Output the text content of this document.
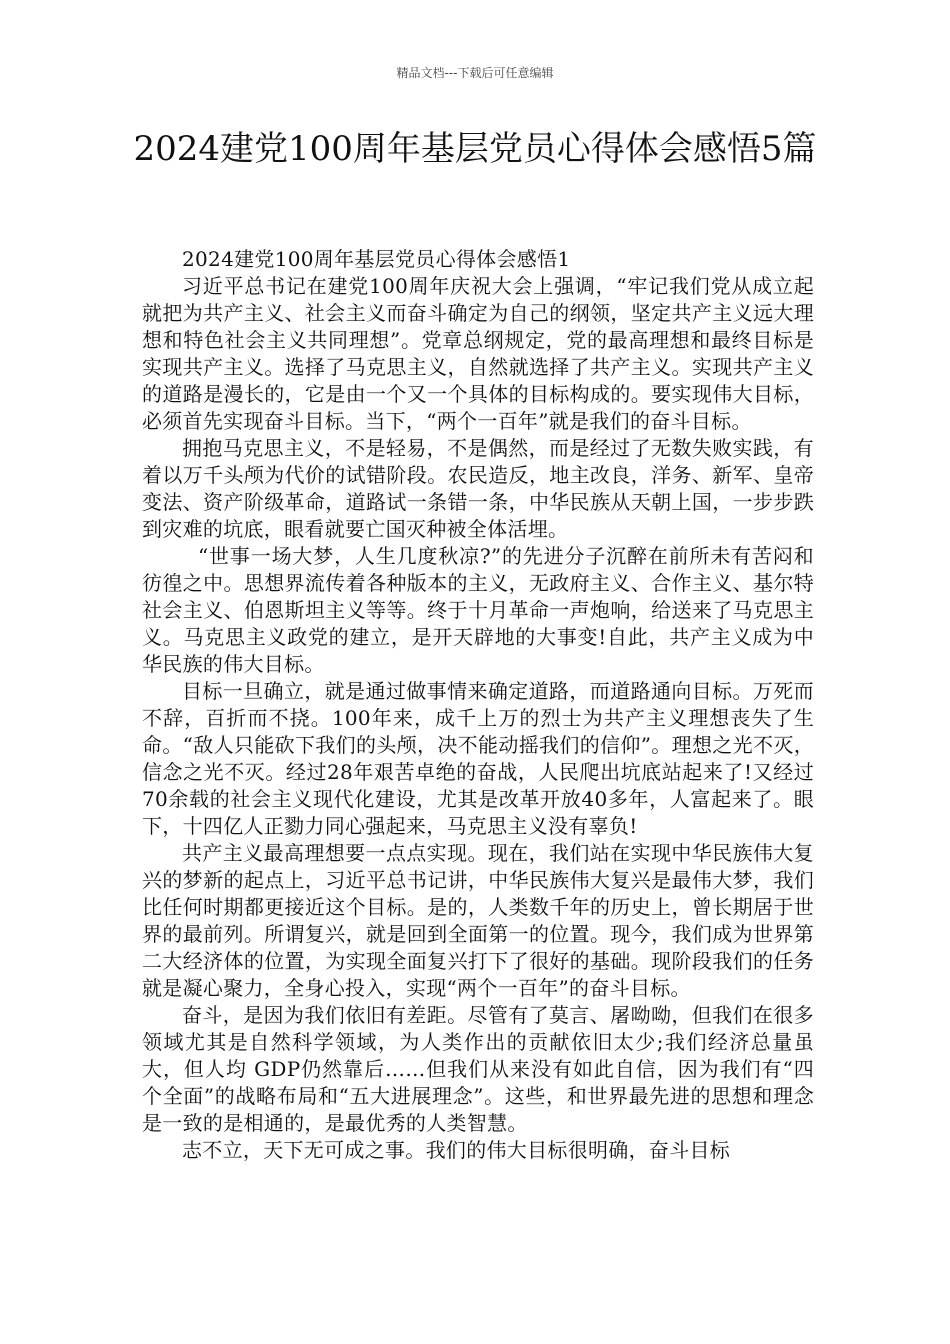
精品文档---下载后可任意编辑
2024建党100周年基层党员心得体会感悟5篇

2024建党100周年基层党员心得体会感悟1

习近平总书记在建党100周年庆祝大会上强调，“牢记我们党从成立起就把为共产主义、社会主义而奋斗确定为自己的纲领，坚定共产主义远大理想和特色社会主义共同理想”。党章总纲规定，党的最高理想和最终目标是实现共产主义。选择了马克思主义，自然就选择了共产主义。实现共产主义的道路是漫长的，它是由一个又一个具体的目标构成的。要实现伟大目标，必须首先实现奋斗目标。当下，“两个一百年”就是我们的奋斗目标。

拥抱马克思主义，不是轻易，不是偶然，而是经过了无数失败实践，有着以万千头颅为代价的试错阶段。农民造反，地主改良，洋务、新军、皇帝变法、资产阶级革命，道路试一条错一条，中华民族从天朝上国，一步步跌到灾难的坑底，眼看就要亡国灭种被全体活埋。

“世事一场大梦，人生几度秋凉?”的先进分子沉醉在前所未有苦闷和彷徨之中。思想界流传着各种版本的主义，无政府主义、合作主义、基尔特社会主义、伯恩斯坦主义等等。终于十月革命一声炮响，给送来了马克思主义。马克思主义政党的建立，是开天辟地的大事变!自此，共产主义成为中华民族的伟大目标。

目标一旦确立，就是通过做事情来确定道路，而道路通向目标。万死而不辞，百折而不挠。100年来，成千上万的烈士为共产主义理想丧失了生命。“敌人只能砍下我们的头颅，决不能动摇我们的信仰”。理想之光不灭，信念之光不灭。经过28年艰苦卓绝的奋战，人民爬出坑底站起来了!又经过70余载的社会主义现代化建设，尤其是改革开放40多年，人富起来了。眼下，十四亿人正勠力同心强起来，马克思主义没有辜负!

共产主义最高理想要一点点实现。现在，我们站在实现中华民族伟大复兴的梦新的起点上，习近平总书记讲，中华民族伟大复兴是最伟大梦，我们比任何时期都更接近这个目标。是的，人类数千年的历史上，曾长期居于世界的最前列。所谓复兴，就是回到全面第一的位置。现今，我们成为世界第二大经济体的位置，为实现全面复兴打下了很好的基础。现阶段我们的任务就是凝心聚力，全身心投入，实现“两个一百年”的奋斗目标。

奋斗，是因为我们依旧有差距。尽管有了莫言、屠呦呦，但我们在很多领域尤其是自然科学领域，为人类作出的贡献依旧太少;我们经济总量虽大，但人均 GDP仍然靠后……但我们从来没有如此自信，因为我们有“四个全面”的战略布局和“五大进展理念”。这些，和世界最先进的思想和理念是一致的是相通的，是最优秀的人类智慧。

志不立，天下无可成之事。我们的伟大目标很明确，奋斗目标
